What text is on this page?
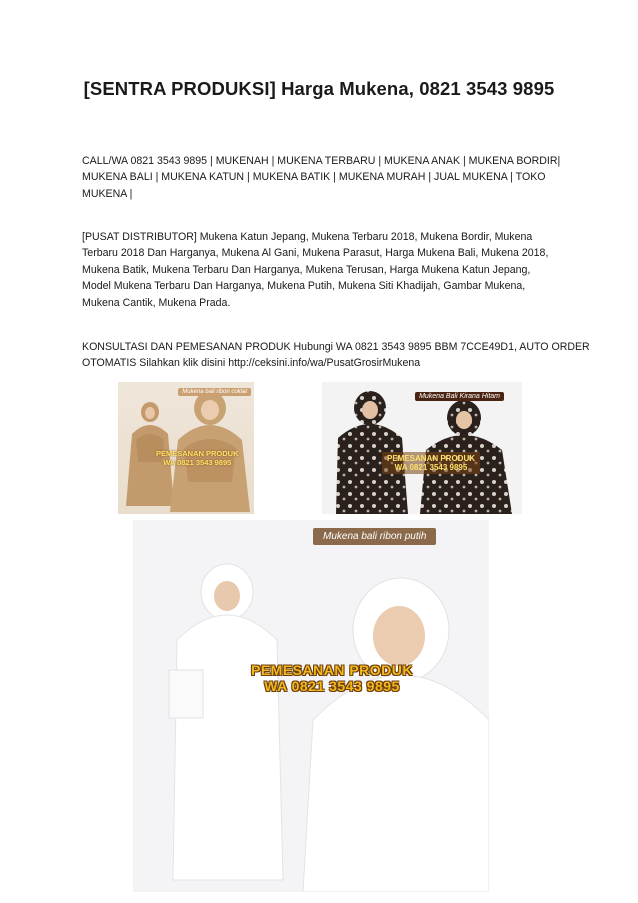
[SENTRA PRODUKSI] Harga Mukena, 0821 3543 9895
CALL/WA 0821 3543 9895 | MUKENAH | MUKENA TERBARU | MUKENA ANAK | MUKENA BORDIR|
MUKENA BALI | MUKENA KATUN | MUKENA BATIK | MUKENA MURAH | JUAL MUKENA | TOKO
MUKENA |
[PUSAT DISTRIBUTOR] Mukena Katun Jepang, Mukena Terbaru 2018, Mukena Bordir, Mukena
Terbaru 2018 Dan Harganya, Mukena Al Gani, Mukena Parasut, Harga Mukena Bali, Mukena 2018,
Mukena Batik, Mukena Terbaru Dan Harganya, Mukena Terusan, Harga Mukena Katun Jepang,
Model Mukena Terbaru Dan Harganya, Mukena Putih, Mukena Siti Khadijah, Gambar Mukena,
Mukena Cantik, Mukena Prada.
KONSULTASI DAN PEMESANAN PRODUK Hubungi WA 0821 3543 9895 BBM 7CCE49D1, AUTO ORDER
OTOMATIS Silahkan klik disini http://ceksini.info/wa/PusatGrosirMukena
Mukena bali ribon coklat
PEMESANAN PRODUK
WA 0821 3543 9895
Mukena Bali Kirana Hitam
PEMESANAN PRODUK
WA 0821 3543 9895
Mukena bali ribon putih
PEMESANAN PRODUK
WA 0821 3543 9895
